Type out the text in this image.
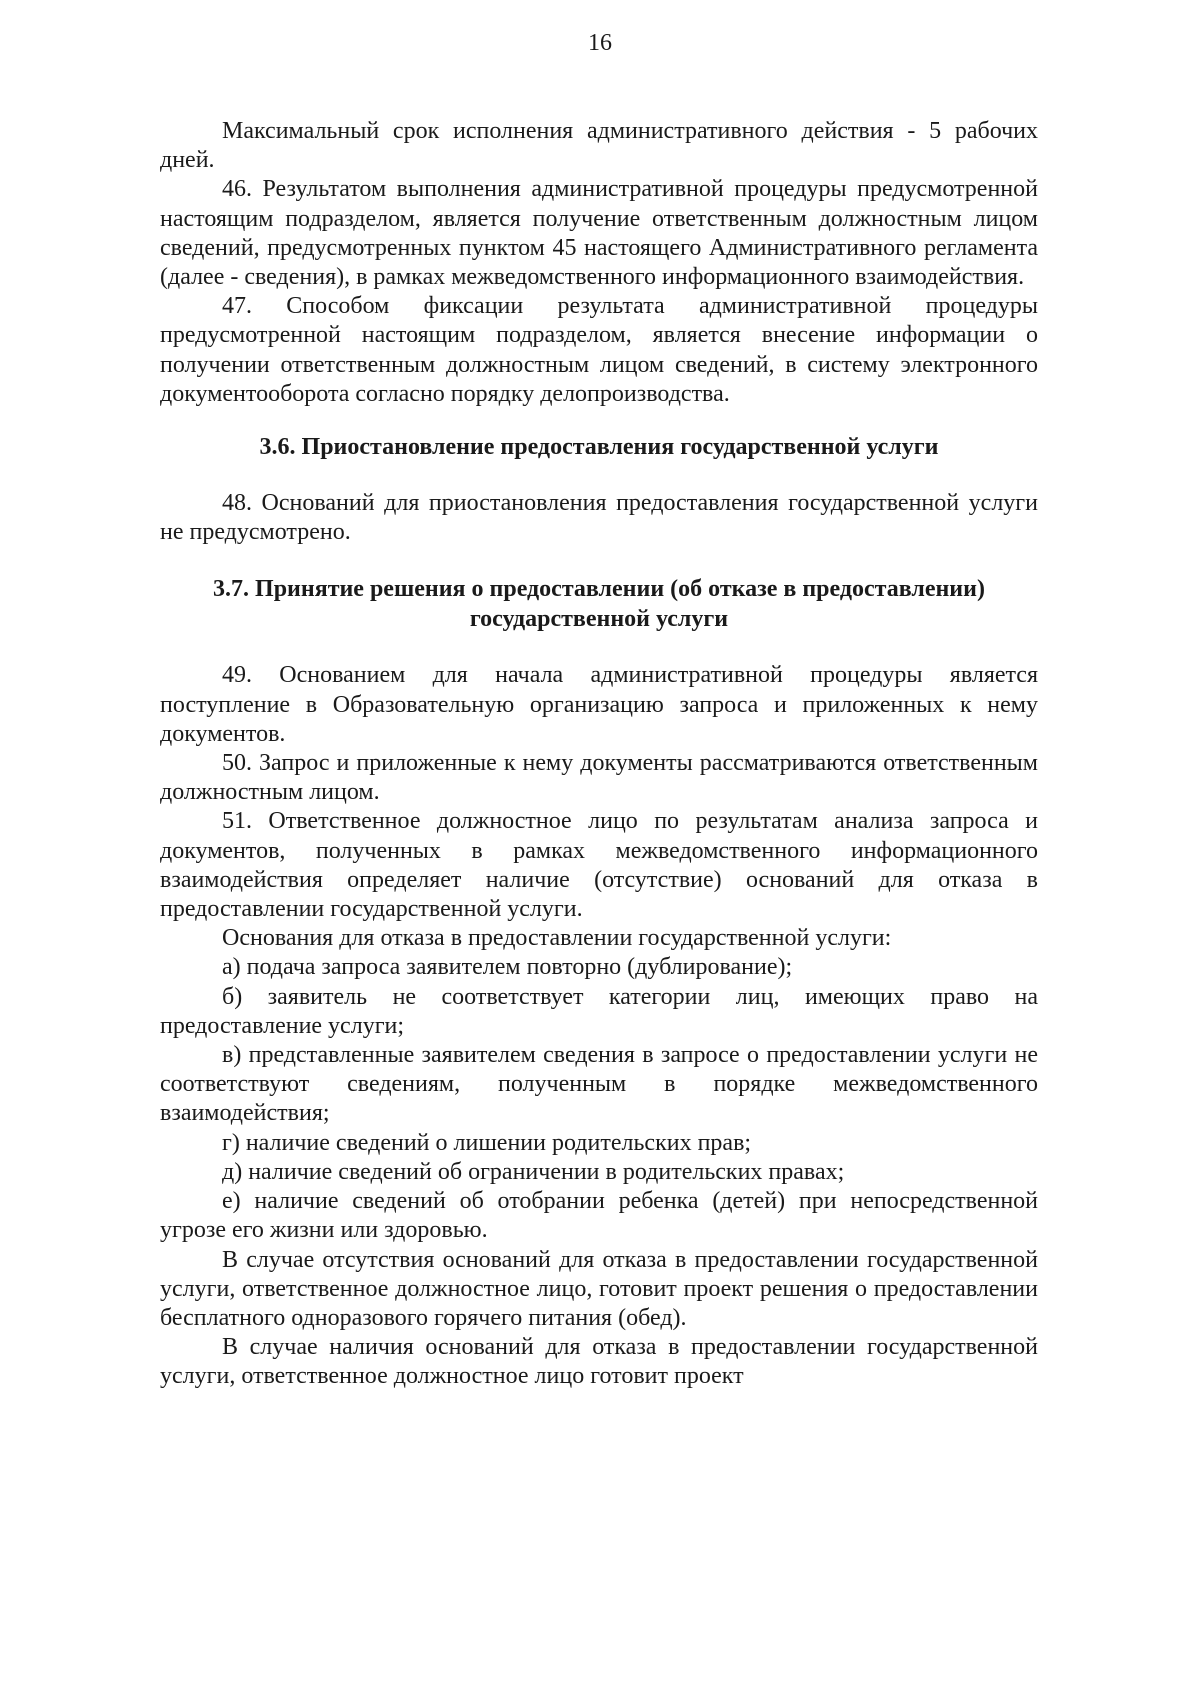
16

Максимальный срок исполнения административного действия - 5 рабочих дней.

46. Результатом выполнения административной процедуры предусмотренной настоящим подразделом, является получение ответственным должностным лицом сведений, предусмотренных пунктом 45 настоящего Административного регламента (далее - сведения), в рамках межведомственного информационного взаимодействия.

47. Способом фиксации результата административной процедуры предусмотренной настоящим подразделом, является внесение информации о получении ответственным должностным лицом сведений, в систему электронного документооборота согласно порядку делопроизводства.

3.6. Приостановление предоставления государственной услуги

48. Оснований для приостановления предоставления государственной услуги не предусмотрено.

3.7. Принятие решения о предоставлении (об отказе в предоставлении)
государственной услуги

49. Основанием для начала административной процедуры является поступление в Образовательную организацию запроса и приложенных к нему документов.

50. Запрос и приложенные к нему документы рассматриваются ответственным должностным лицом.

51. Ответственное должностное лицо по результатам анализа запроса и документов, полученных в рамках межведомственного информационного взаимодействия определяет наличие (отсутствие) оснований для отказа в предоставлении государственной услуги.

Основания для отказа в предоставлении государственной услуги:

а) подача запроса заявителем повторно (дублирование);

б) заявитель не соответствует категории лиц, имеющих право на предоставление услуги;

в) представленные заявителем сведения в запросе о предоставлении услуги не соответствуют сведениям, полученным в порядке межведомственного взаимодействия;

г) наличие сведений о лишении родительских прав;

д) наличие сведений об ограничении в родительских правах;

е) наличие сведений об отобрании ребенка (детей) при непосредственной угрозе его жизни или здоровью.

В случае отсутствия оснований для отказа в предоставлении государственной услуги, ответственное должностное лицо, готовит проект решения о предоставлении бесплатного одноразового горячего питания (обед).

В случае наличия оснований для отказа в предоставлении государственной услуги, ответственное должностное лицо готовит проект
